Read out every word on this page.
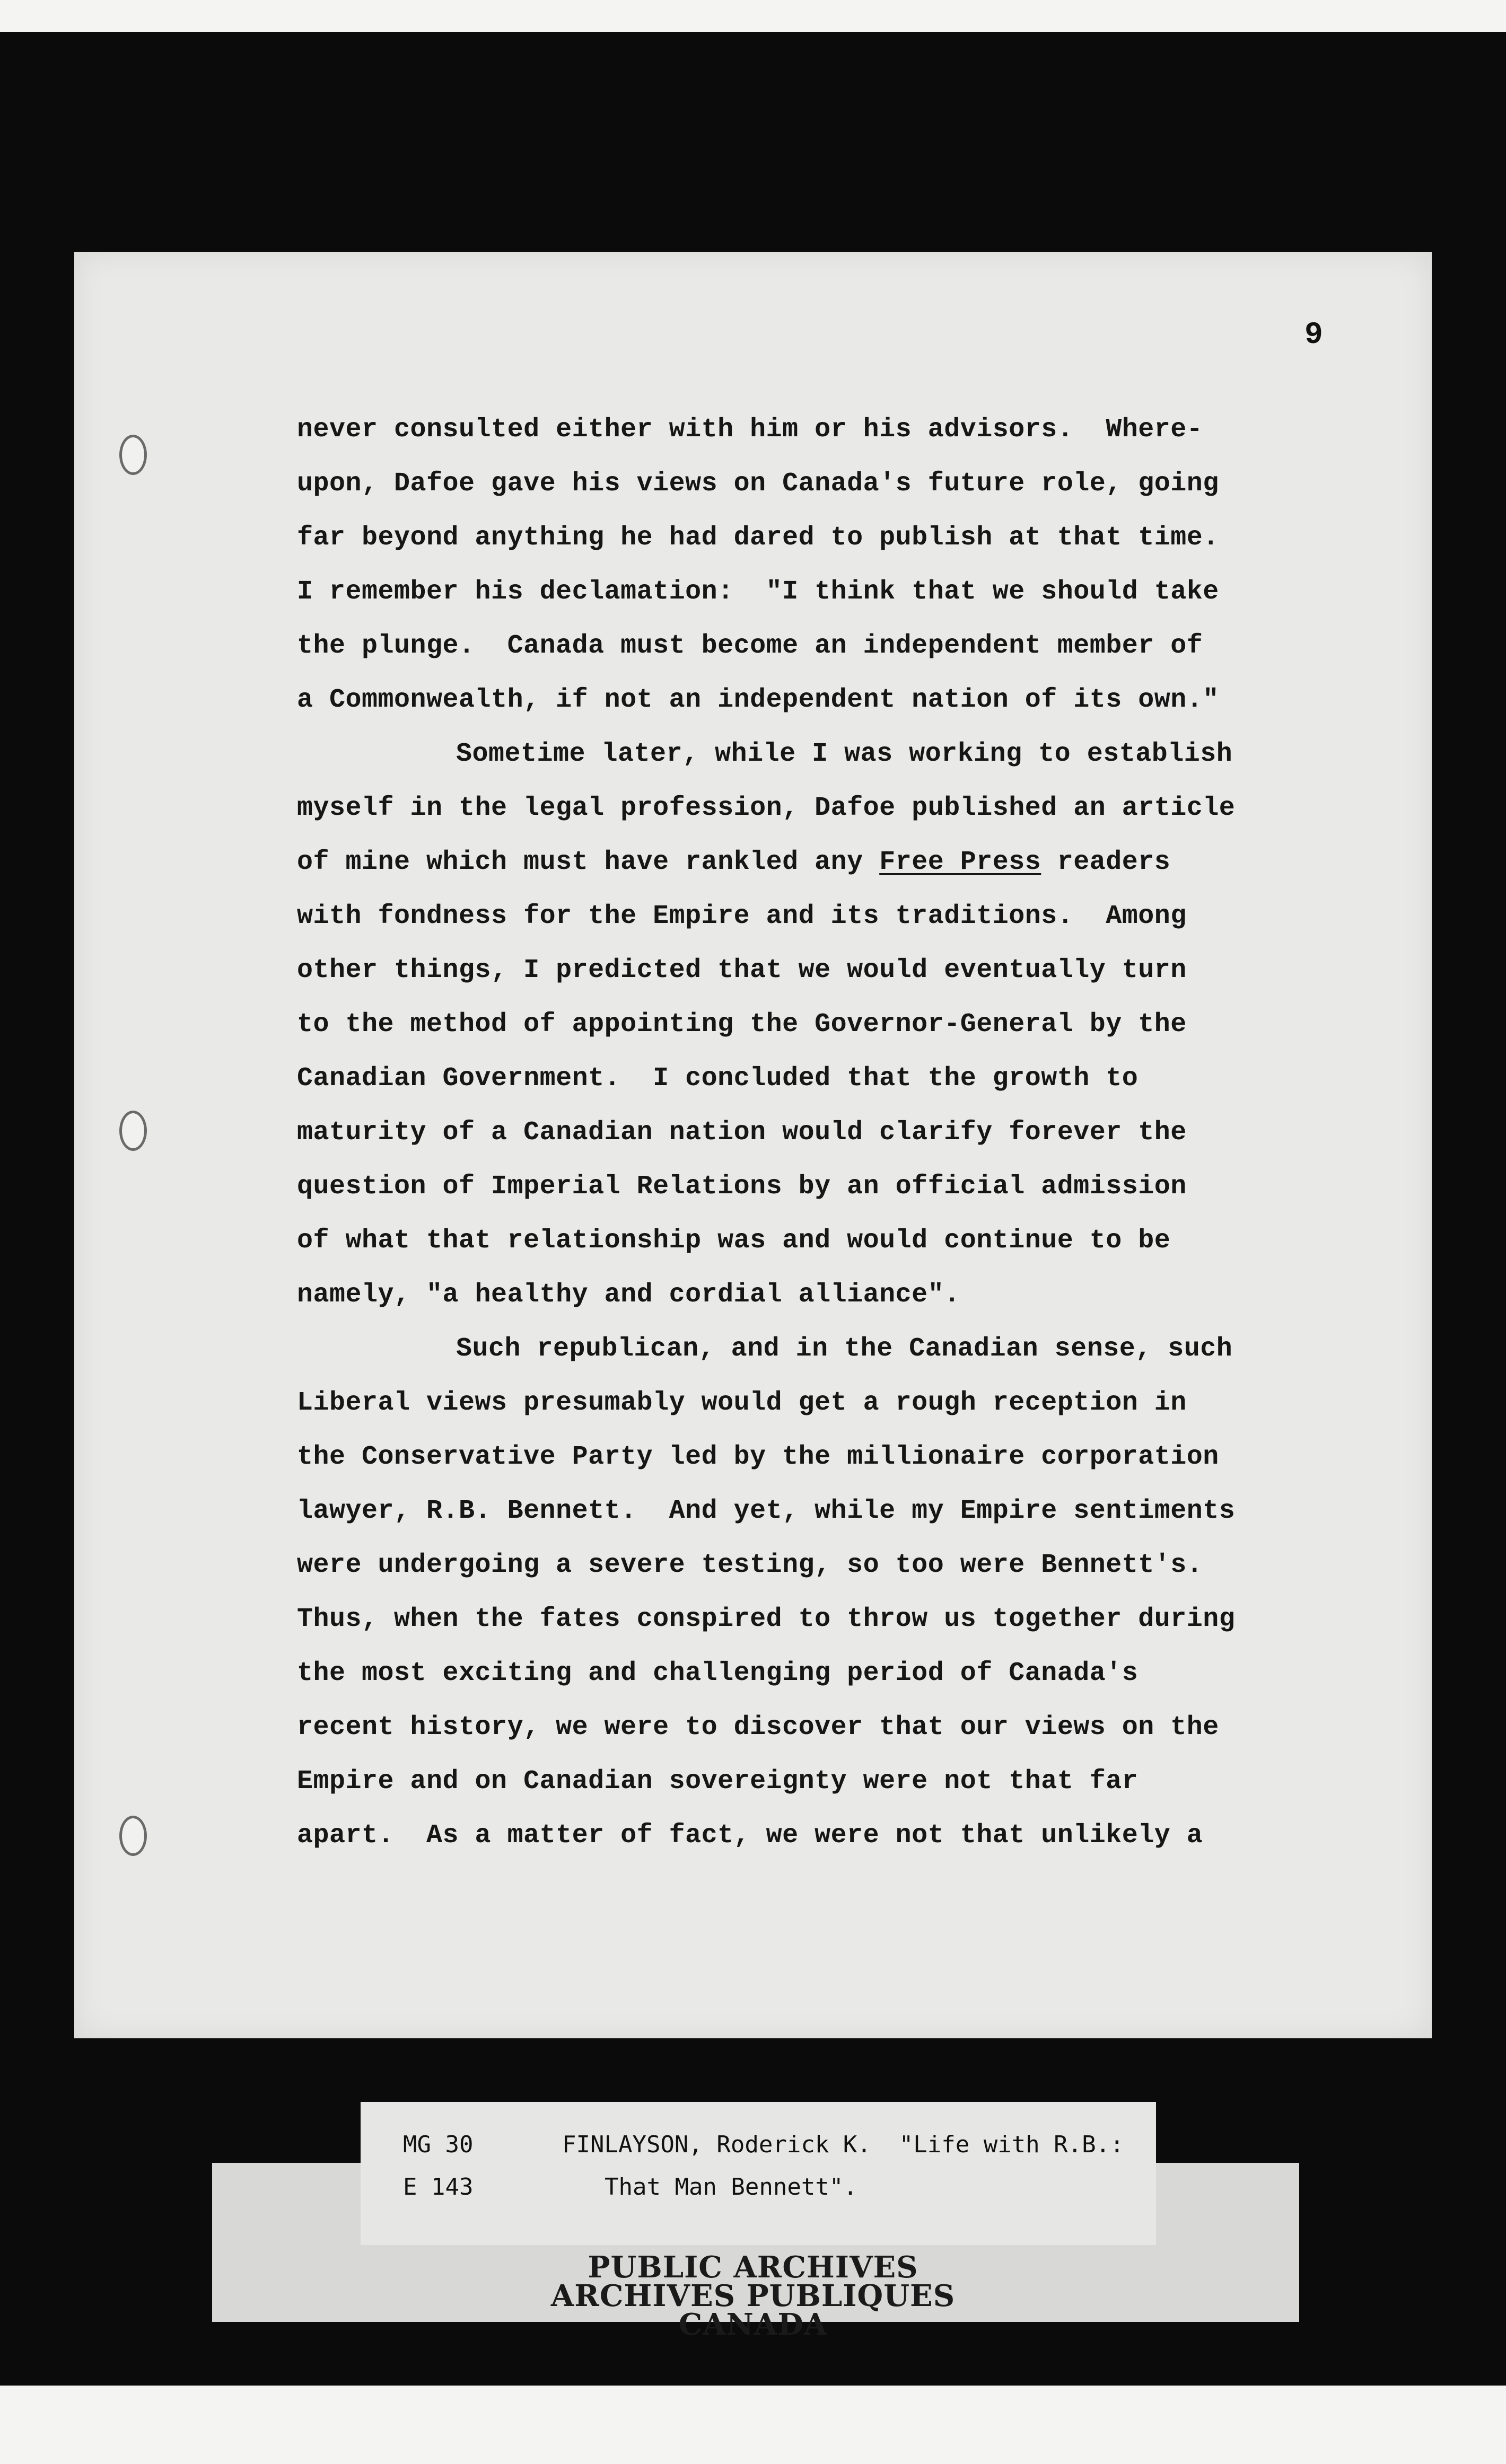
9
never consulted either with him or his advisors.  Where-
upon, Dafoe gave his views on Canada's future role, going
far beyond anything he had dared to publish at that time.
I remember his declamation:  "I think that we should take
the plunge.  Canada must become an independent member of
a Commonwealth, if not an independent nation of its own."
Sometime later, while I was working to establish
myself in the legal profession, Dafoe published an article
of mine which must have rankled any Free Press readers
with fondness for the Empire and its traditions.  Among
other things, I predicted that we would eventually turn
to the method of appointing the Governor-General by the
Canadian Government.  I concluded that the growth to
maturity of a Canadian nation would clarify forever the
question of Imperial Relations by an official admission
of what that relationship was and would continue to be
namely, "a healthy and cordial alliance".
Such republican, and in the Canadian sense, such
Liberal views presumably would get a rough reception in
the Conservative Party led by the millionaire corporation
lawyer, R.B. Bennett.  And yet, while my Empire sentiments
were undergoing a severe testing, so too were Bennett's.
Thus, when the fates conspired to throw us together during
the most exciting and challenging period of Canada's
recent history, we were to discover that our views on the
Empire and on Canadian sovereignty were not that far
apart.  As a matter of fact, we were not that unlikely a
MG 30
E 143
FINLAYSON, Roderick K.  "Life with R.B.:
That Man Bennett".
PUBLIC ARCHIVES
ARCHIVES PUBLIQUES
CANADA
